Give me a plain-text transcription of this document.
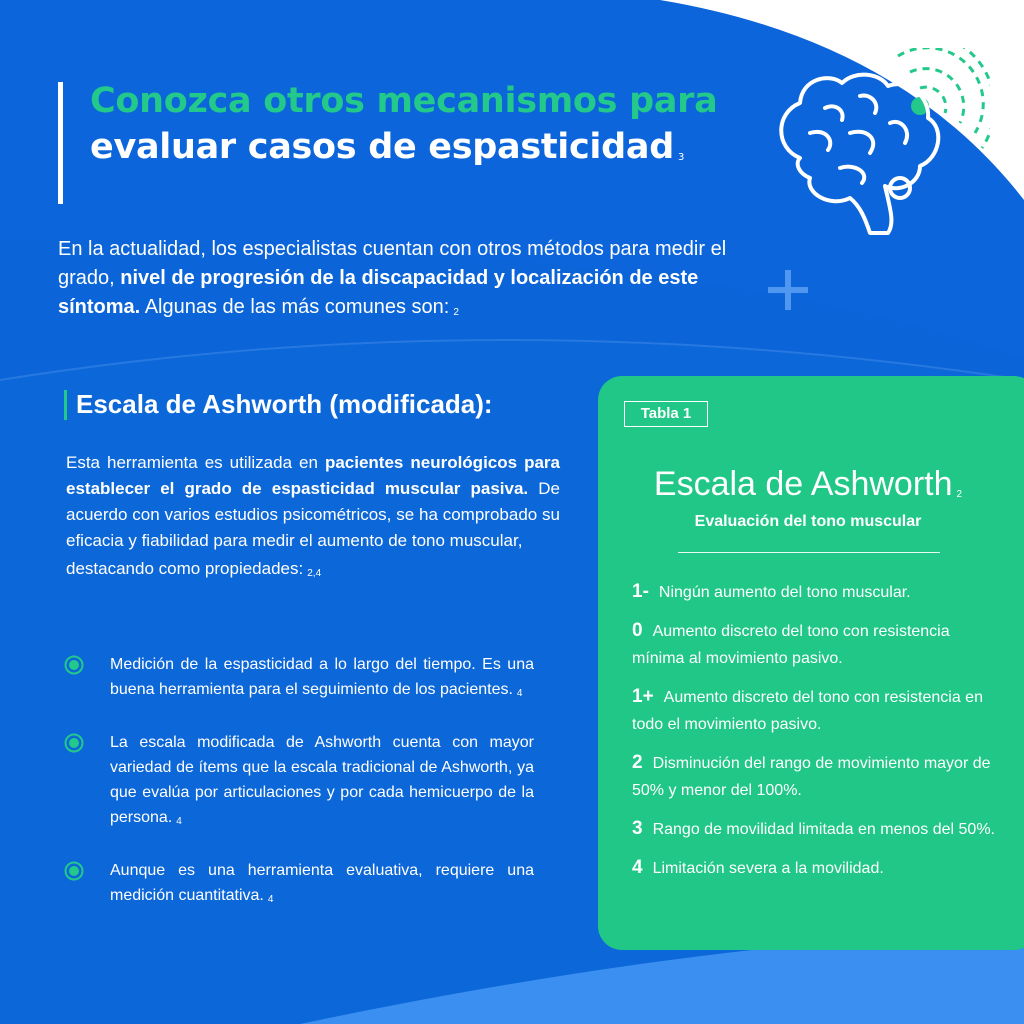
Conozca otros mecanismos para evaluar casos de espasticidad $_3$

En la actualidad, los especialistas cuentan con otros métodos para medir el grado, nivel de progresión de la discapacidad y localización de este síntoma. Algunas de las más comunes son: $_2$

Escala de Ashworth (modificada):

Esta herramienta es utilizada en pacientes neurológicos para establecer el grado de espasticidad muscular pasiva. De acuerdo con varios estudios psicométricos, se ha comprobado su eficacia y fiabilidad para medir el aumento de tono muscular,
destacando como propiedades: $_{2,4}$

Medición de la espasticidad a lo largo del tiempo. Es una buena herramienta para el seguimiento de los pacientes. $_4$
La escala modificada de Ashworth cuenta con mayor variedad de ítems que la escala tradicional de Ashworth, ya que evalúa por articulaciones y por cada hemicuerpo de la persona. $_4$
Aunque es una herramienta evaluativa, requiere una medición cuantitativa. $_4$
Tabla 1
Escala de Ashworth $_2$
Evaluación del tono muscular
1- Ningún aumento del tono muscular.
0 Aumento discreto del tono con resistencia mínima al movimiento pasivo.
1+ Aumento discreto del tono con resistencia en todo el movimiento pasivo.
2 Disminución del rango de movimiento mayor de 50% y menor del 100%.
3 Rango de movilidad limitada en menos del 50%.
4 Limitación severa a la movilidad.
